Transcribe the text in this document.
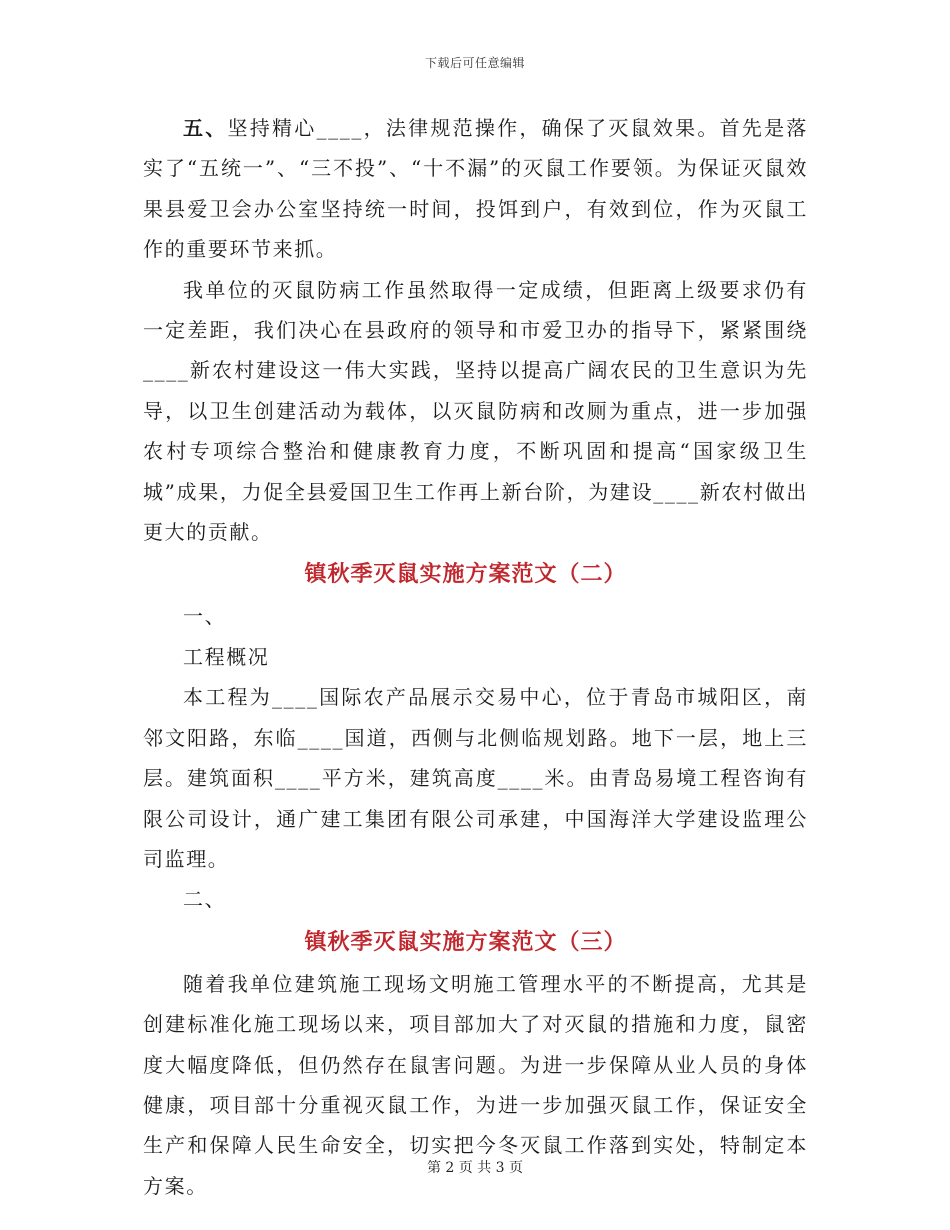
下载后可任意编辑

五、坚持精心____，法律规范操作，确保了灭鼠效果。首先是落实了“五统一”、“三不投”、“十不漏”的灭鼠工作要领。为保证灭鼠效果县爱卫会办公室坚持统一时间，投饵到户，有效到位，作为灭鼠工作的重要环节来抓。

我单位的灭鼠防病工作虽然取得一定成绩，但距离上级要求仍有一定差距，我们决心在县政府的领导和市爱卫办的指导下，紧紧围绕____新农村建设这一伟大实践，坚持以提高广阔农民的卫生意识为先导，以卫生创建活动为载体，以灭鼠防病和改厕为重点，进一步加强农村专项综合整治和健康教育力度，不断巩固和提高“国家级卫生城”成果，力促全县爱国卫生工作再上新台阶，为建设____新农村做出更大的贡献。

镇秋季灭鼠实施方案范文（二）

一、

工程概况

本工程为____国际农产品展示交易中心，位于青岛市城阳区，南邻文阳路，东临____国道，西侧与北侧临规划路。地下一层，地上三层。建筑面积____平方米，建筑高度____米。由青岛易境工程咨询有限公司设计，通广建工集团有限公司承建，中国海洋大学建设监理公司监理。

二、

镇秋季灭鼠实施方案范文（三）

随着我单位建筑施工现场文明施工管理水平的不断提高，尤其是创建标准化施工现场以来，项目部加大了对灭鼠的措施和力度，鼠密度大幅度降低，但仍然存在鼠害问题。为进一步保障从业人员的身体健康，项目部十分重视灭鼠工作，为进一步加强灭鼠工作，保证安全生产和保障人民生命安全，切实把今冬灭鼠工作落到实处，特制定本方案。

第 2 页 共 3 页
